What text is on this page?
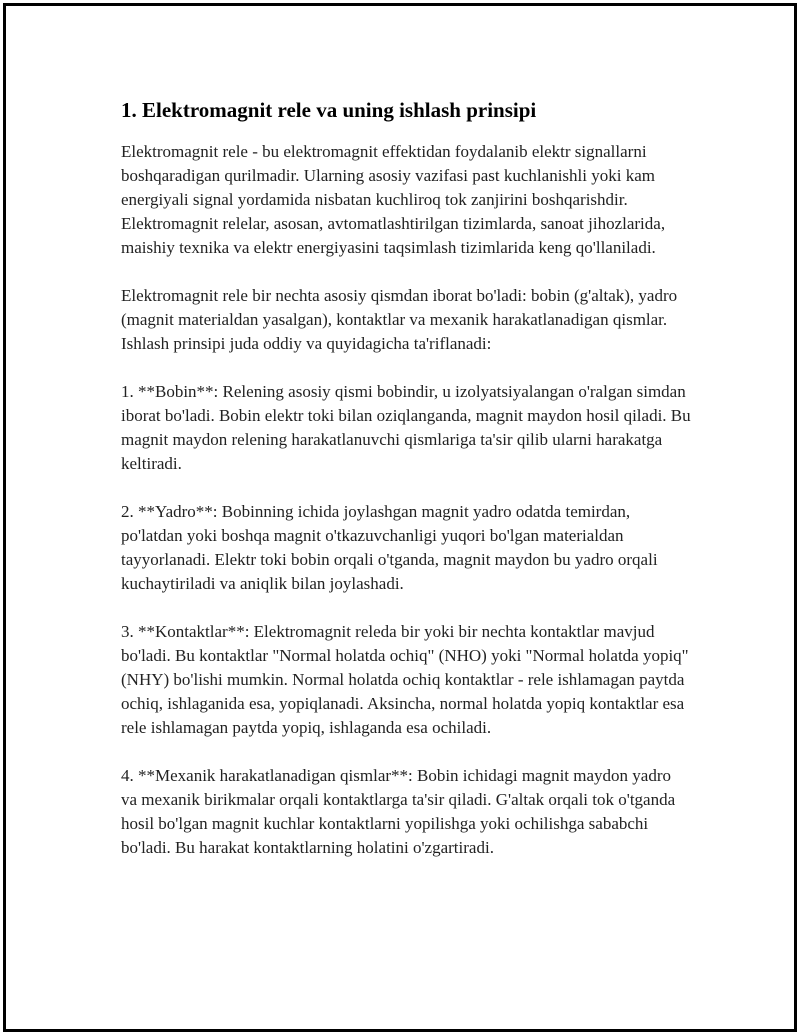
1. Elektromagnit rele va uning ishlash prinsipi

Elektromagnit rele - bu elektromagnit effektidan foydalanib elektr signallarni boshqaradigan qurilmadir. Ularning asosiy vazifasi past kuchlanishli yoki kam energiyali signal yordamida nisbatan kuchliroq tok zanjirini boshqarishdir. Elektromagnit relelar, asosan, avtomatlashtirilgan tizimlarda, sanoat jihozlarida, maishiy texnika va elektr energiyasini taqsimlash tizimlarida keng qo'llaniladi.

Elektromagnit rele bir nechta asosiy qismdan iborat bo'ladi: bobin (g'altak), yadro (magnit materialdan yasalgan), kontaktlar va mexanik harakatlanadigan qismlar. Ishlash prinsipi juda oddiy va quyidagicha ta'riflanadi:

1. **Bobin**: Relening asosiy qismi bobindir, u izolyatsiyalangan o'ralgan simdan iborat bo'ladi. Bobin elektr toki bilan oziqlanganda, magnit maydon hosil qiladi. Bu magnit maydon relening harakatlanuvchi qismlariga ta'sir qilib ularni harakatga keltiradi.

2. **Yadro**: Bobinning ichida joylashgan magnit yadro odatda temirdan, po'latdan yoki boshqa magnit o'tkazuvchanligi yuqori bo'lgan materialdan tayyorlanadi. Elektr toki bobin orqali o'tganda, magnit maydon bu yadro orqali kuchaytiriladi va aniqlik bilan joylashadi.

3. **Kontaktlar**: Elektromagnit releda bir yoki bir nechta kontaktlar mavjud bo'ladi. Bu kontaktlar "Normal holatda ochiq" (NHO) yoki "Normal holatda yopiq" (NHY) bo'lishi mumkin. Normal holatda ochiq kontaktlar - rele ishlamagan paytda ochiq, ishlaganida esa, yopiqlanadi. Aksincha, normal holatda yopiq kontaktlar esa rele ishlamagan paytda yopiq, ishlaganda esa ochiladi.

4. **Mexanik harakatlanadigan qismlar**: Bobin ichidagi magnit maydon yadro va mexanik birikmalar orqali kontaktlarga ta'sir qiladi. G'altak orqali tok o'tganda hosil bo'lgan magnit kuchlar kontaktlarni yopilishga yoki ochilishga sababchi bo'ladi. Bu harakat kontaktlarning holatini o'zgartiradi.
